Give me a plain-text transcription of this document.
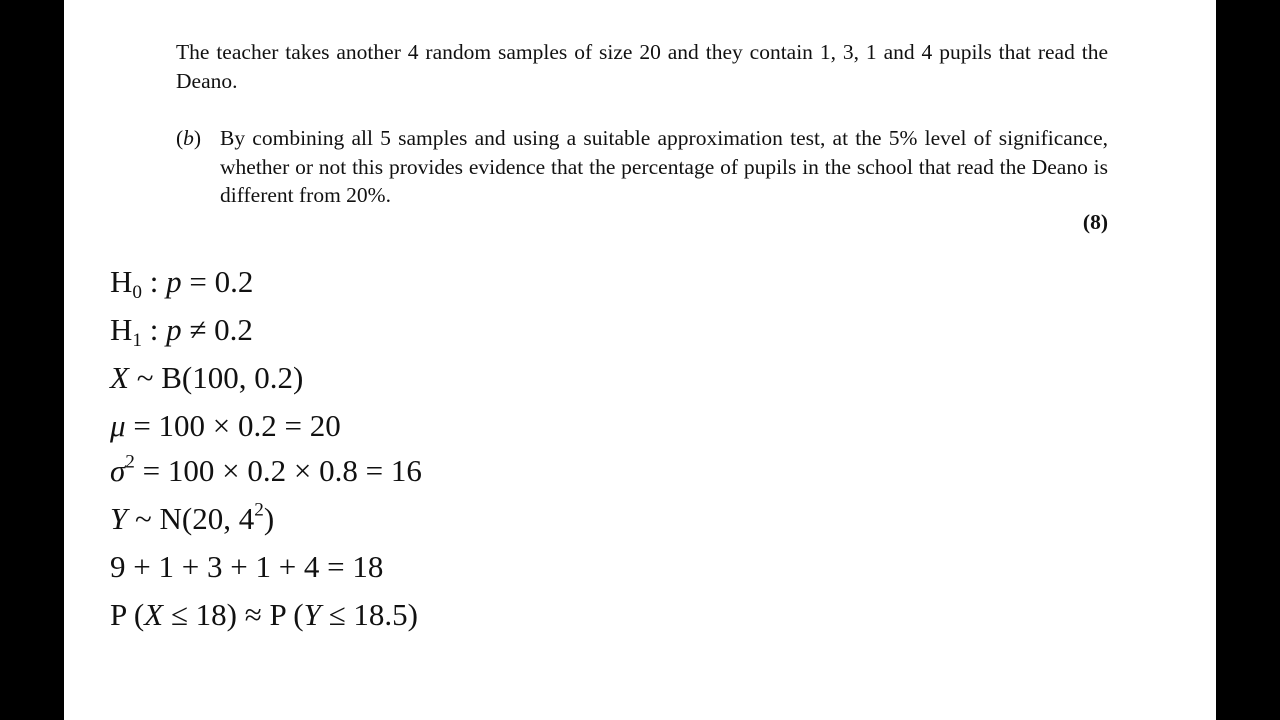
The teacher takes another 4 random samples of size 20 and they contain 1, 3, 1 and 4 pupils that read the Deano.

(b) By combining all 5 samples and using a suitable approximation test, at the 5% level of significance, whether or not this provides evidence that the percentage of pupils in the school that read the Deano is different from 20%.
(8)
$H_0$ : p = 0.2
$H_1$ : p ≠ 0.2
X ~ B(100, 0.2)
μ = 100 × 0.2 = 20
$\sigma^2 = 100 \times 0.2 \times 0.8 = 16$
Y ~ N(20, $4^2$)
9 + 1 + 3 + 1 + 4 = 18
P (X ≤ 18) ≈ P (Y ≤ 18.5)
